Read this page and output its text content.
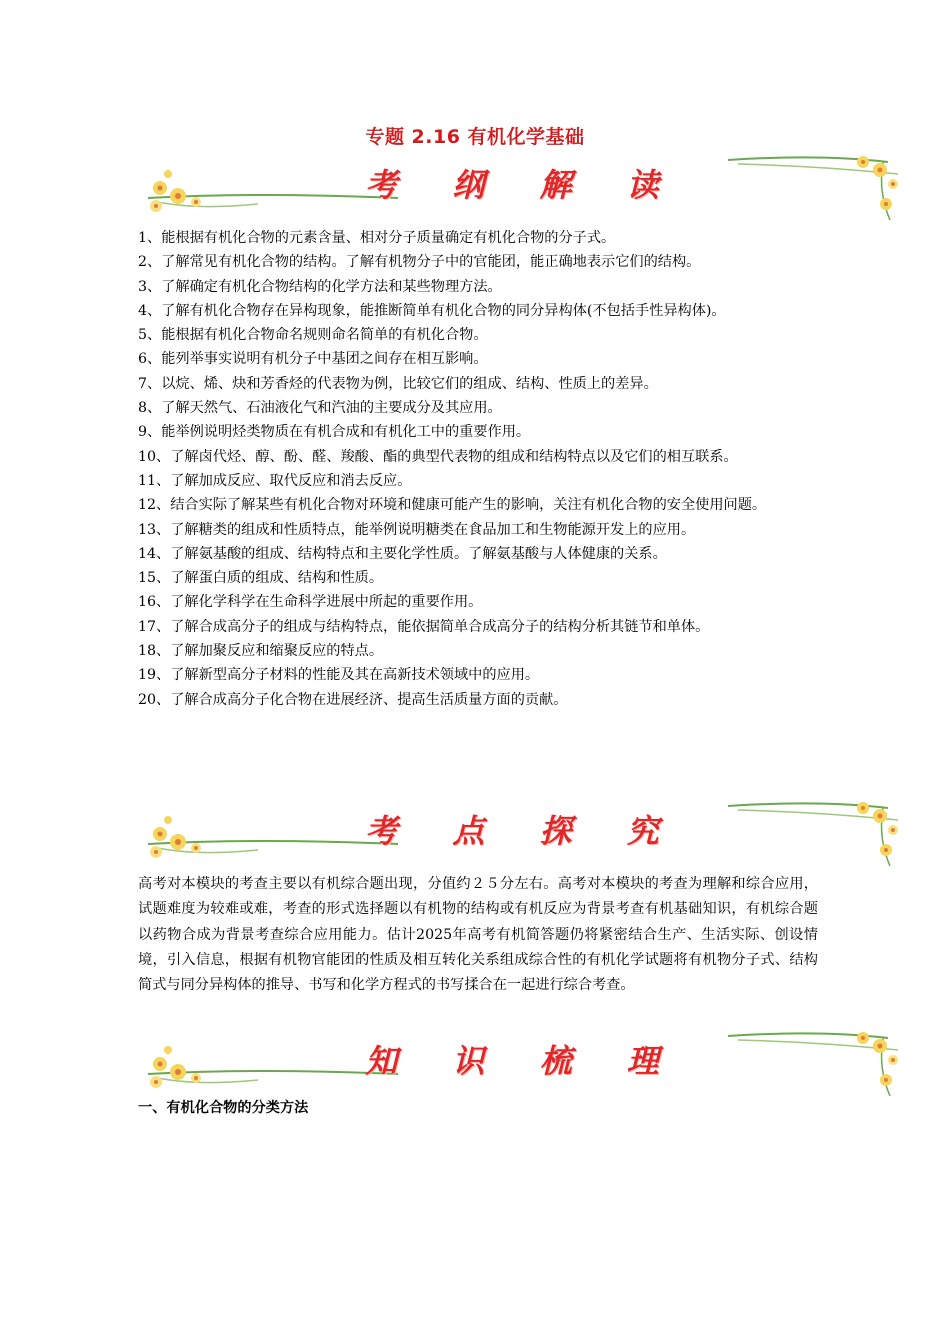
专题 2.16 有机化学基础
考 纲 解 读
1、能根据有机化合物的元素含量、相对分子质量确定有机化合物的分子式。
2、了解常见有机化合物的结构。了解有机物分子中的官能团，能正确地表示它们的结构。
3、了解确定有机化合物结构的化学方法和某些物理方法。
4、了解有机化合物存在异构现象，能推断简单有机化合物的同分异构体(不包括手性异构体)。
5、能根据有机化合物命名规则命名简单的有机化合物。
6、能列举事实说明有机分子中基团之间存在相互影响。
7、以烷、烯、炔和芳香烃的代表物为例，比较它们的组成、结构、性质上的差异。
8、了解天然气、石油液化气和汽油的主要成分及其应用。
9、能举例说明烃类物质在有机合成和有机化工中的重要作用。
10、了解卤代烃、醇、酚、醛、羧酸、酯的典型代表物的组成和结构特点以及它们的相互联系。
11、了解加成反应、取代反应和消去反应。
12、结合实际了解某些有机化合物对环境和健康可能产生的影响，关注有机化合物的安全使用问题。
13、了解糖类的组成和性质特点，能举例说明糖类在食品加工和生物能源开发上的应用。
14、了解氨基酸的组成、结构特点和主要化学性质。了解氨基酸与人体健康的关系。
15、了解蛋白质的组成、结构和性质。
16、了解化学科学在生命科学进展中所起的重要作用。
17、了解合成高分子的组成与结构特点，能依据简单合成高分子的结构分析其链节和单体。
18、了解加聚反应和缩聚反应的特点。
19、了解新型高分子材料的性能及其在高新技术领域中的应用。
20、了解合成高分子化合物在进展经济、提高生活质量方面的贡献。
考 点 探 究

高考对本模块的考查主要以有机综合题出现，分值约２５分左右。高考对本模块的考查为理解和综合应用，试题难度为较难或难，考查的形式选择题以有机物的结构或有机反应为背景考查有机基础知识，有机综合题以药物合成为背景考查综合应用能力。估计2025年高考有机简答题仍将紧密结合生产、生活实际、创设情境，引入信息，根据有机物官能团的性质及相互转化关系组成综合性的有机化学试题将有机物分子式、结构简式与同分异构体的推导、书写和化学方程式的书写揉合在一起进行综合考查。

知 识 梳 理
一、有机化合物的分类方法
